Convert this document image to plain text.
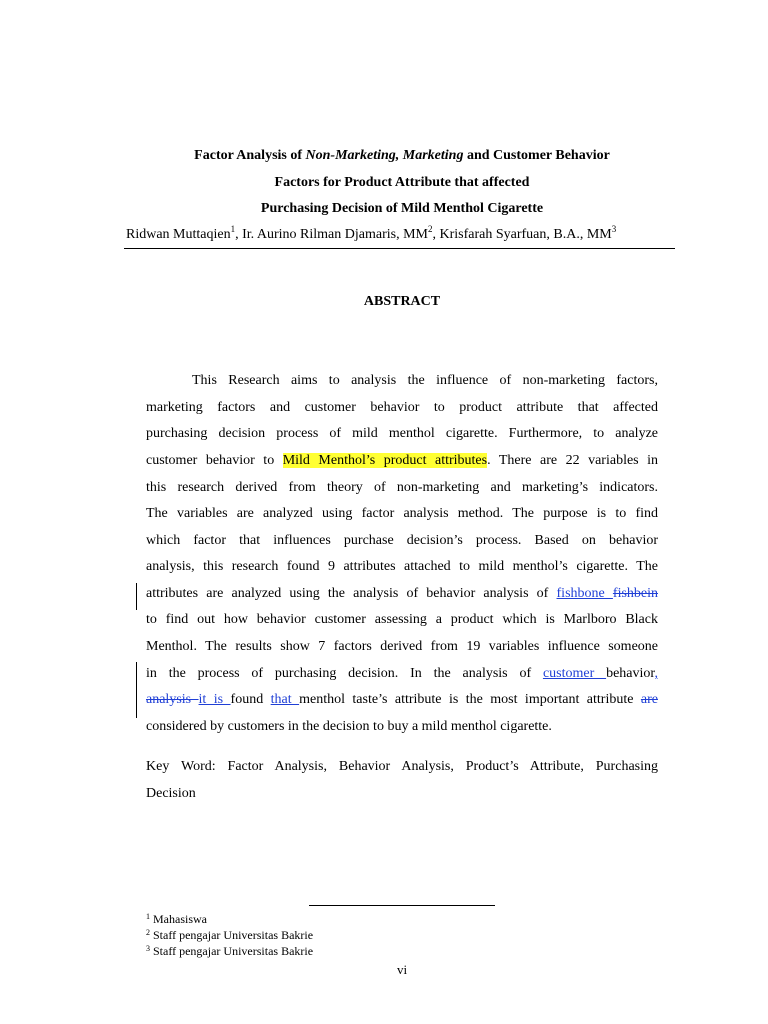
Factor Analysis of Non-Marketing, Marketing and Customer Behavior
Factors for Product Attribute that affected
Purchasing Decision of Mild Menthol Cigarette
Ridwan Muttaqien$^1$, Ir. Aurino Rilman Djamaris, $MM^2$, Krisfarah Syarfuan, B.A., $MM^3$
ABSTRACT
This Research aims to analysis the influence of non-marketing factors,
marketing factors and customer behavior to product attribute that affected
purchasing decision process of mild menthol cigarette. Furthermore, to analyze
customer behavior to Mild Menthol’s product attributes. There are 22 variables in
this research derived from theory of non-marketing and marketing’s indicators.
The variables are analyzed using factor analysis method. The purpose is to find
which factor that influences purchase decision’s process. Based on behavior
analysis, this research found 9 attributes attached to mild menthol’s cigarette. The
attributes are analyzed using the analysis of behavior analysis of fishbone fishbein
to find out how behavior customer assessing a product which is Marlboro Black
Menthol. The results show 7 factors derived from 19 variables influence someone
in the process of purchasing decision. In the analysis of customer behavior,
analysis it is found that menthol taste’s attribute is the most important attribute are
considered by customers in the decision to buy a mild menthol cigarette.
Key Word: Factor Analysis, Behavior Analysis, Product’s Attribute, Purchasing
Decision
$^1$ Mahasiswa
$^2$ Staff pengajar Universitas Bakrie
$^3$ Staff pengajar Universitas Bakrie
vi
